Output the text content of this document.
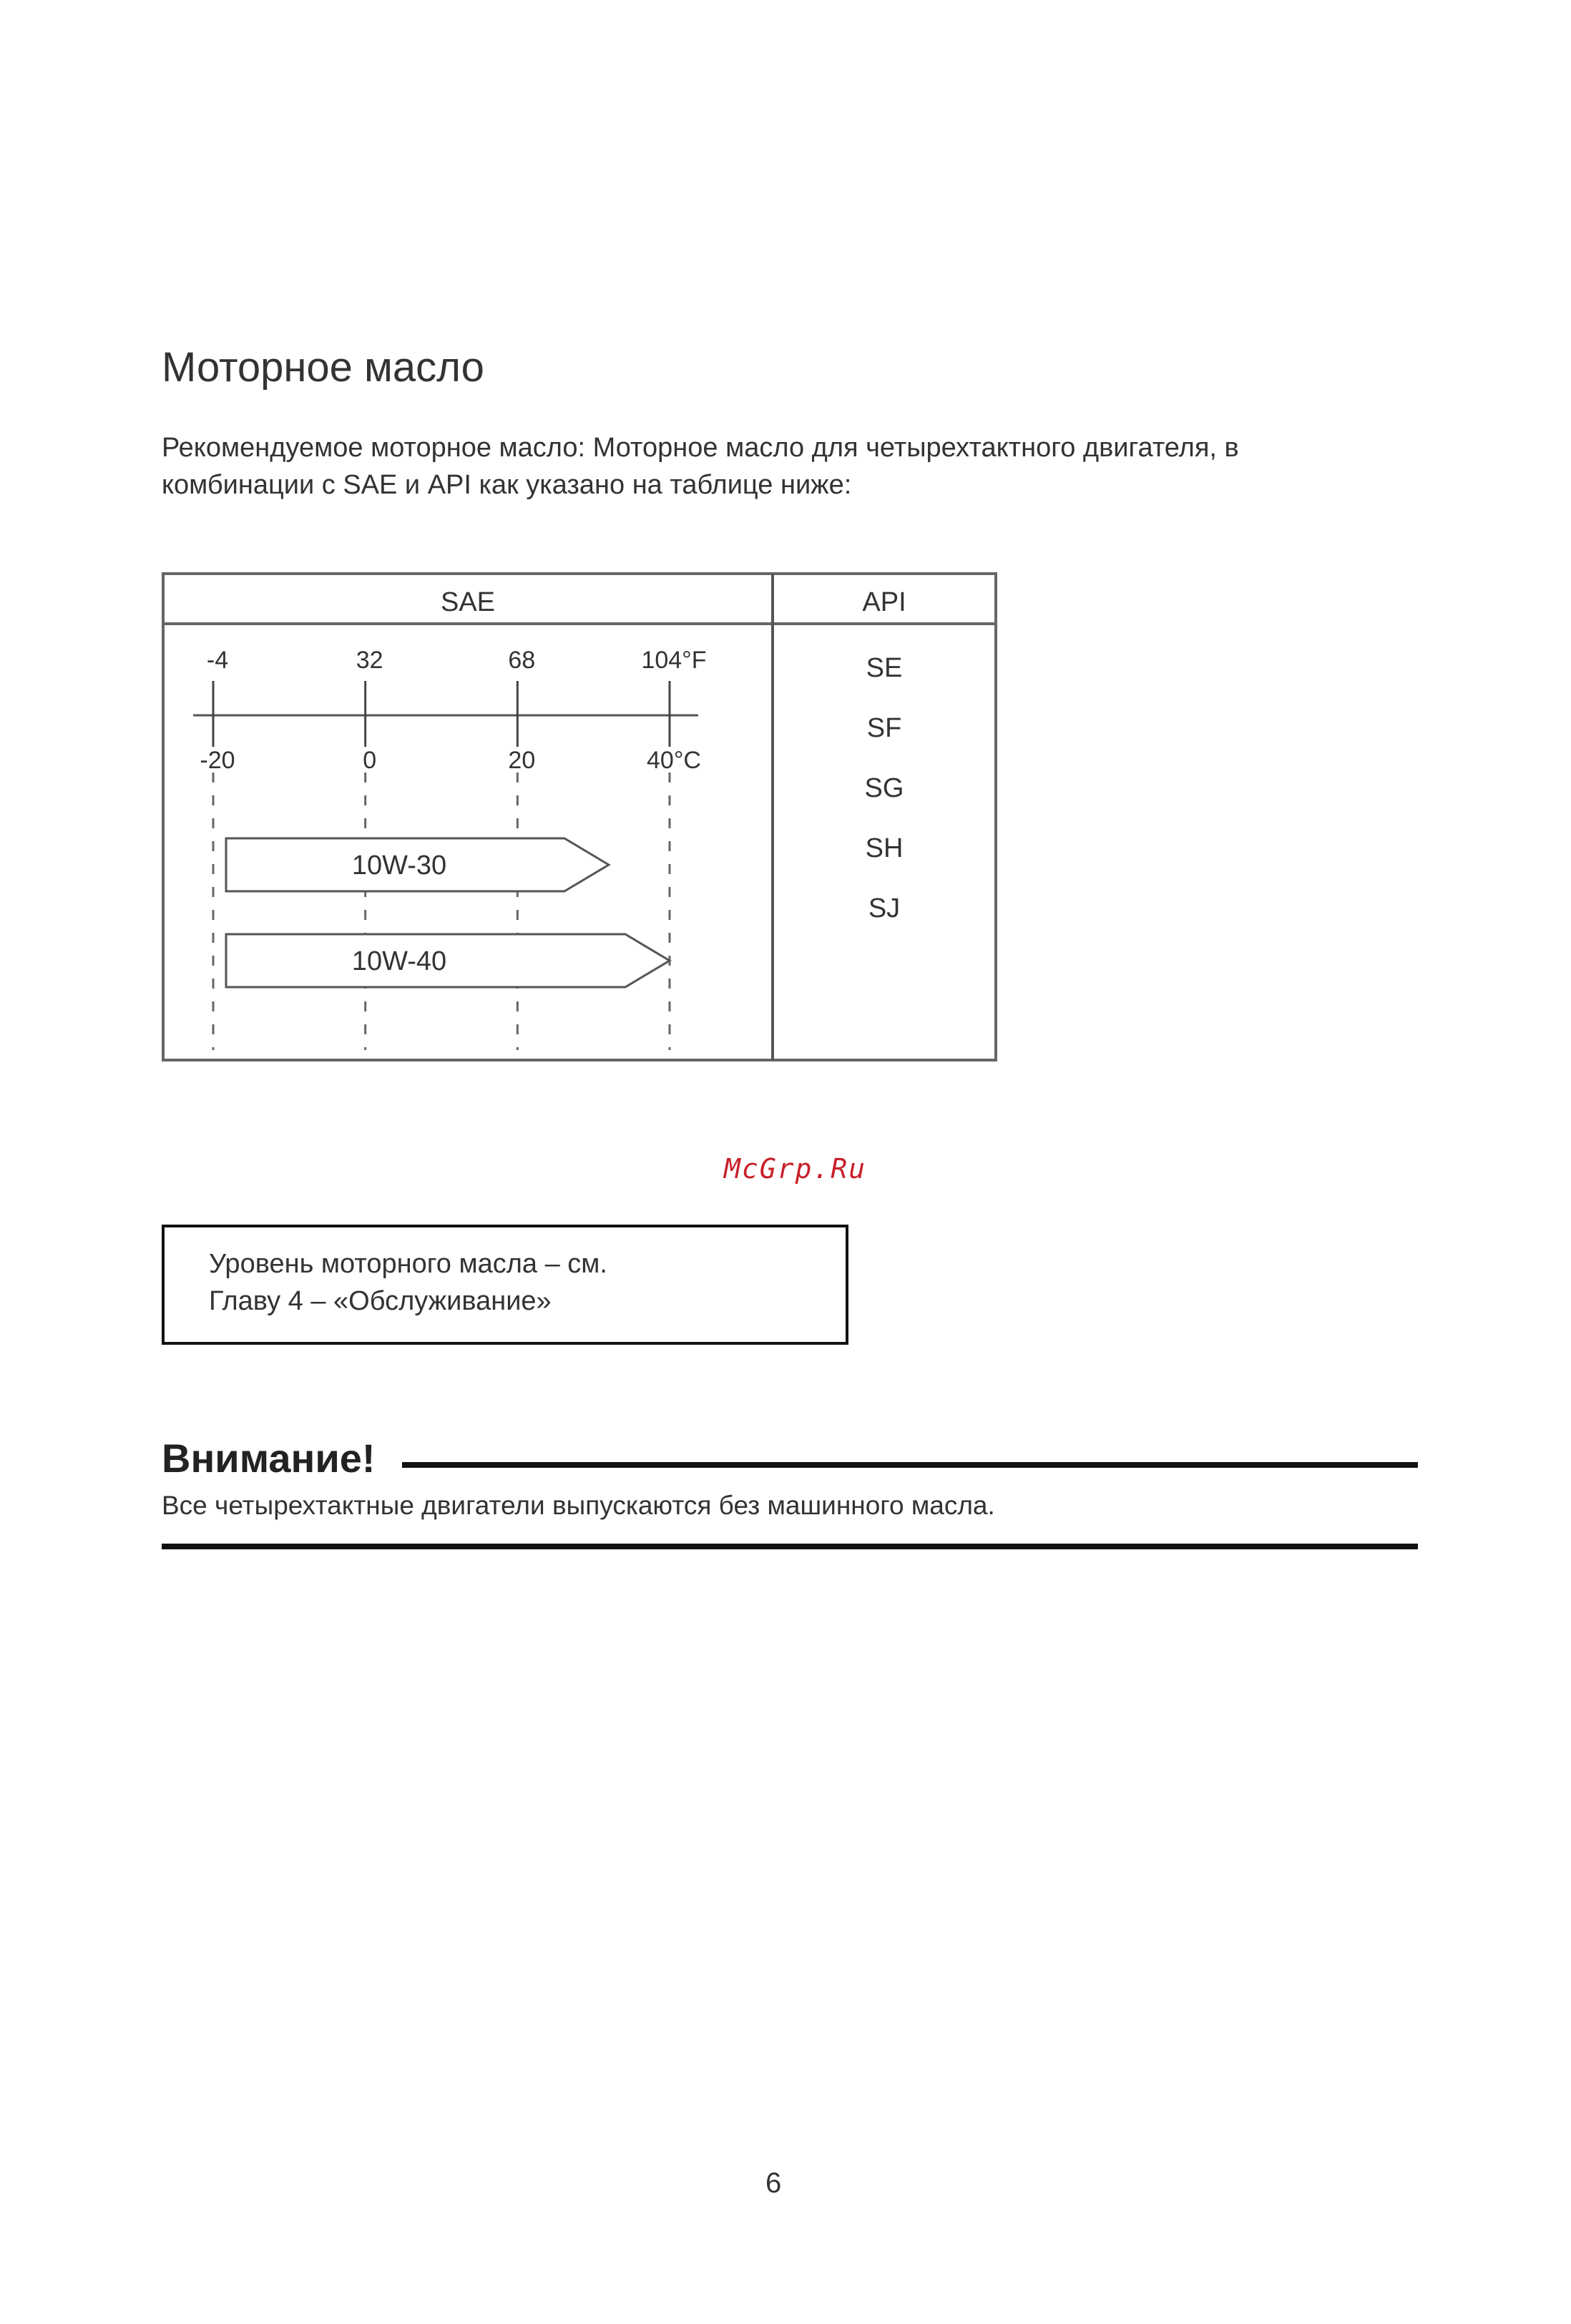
Моторное масло
Рекомендуемое моторное масло: Моторное масло для четырехтактного двигателя, в
комбинации с SAE и API как указано на таблице ниже:
SAE	API
-4
-20
32
0
68
20
104°F
40°C
10W-30
10W-40
SE
SF
SG
SH
SJ
McGrp.Ru
Уровень моторного масла – см.
Главу 4 – «Обслуживание»
Внимание!
Все четырехтактные двигатели выпускаются без машинного масла.
6
